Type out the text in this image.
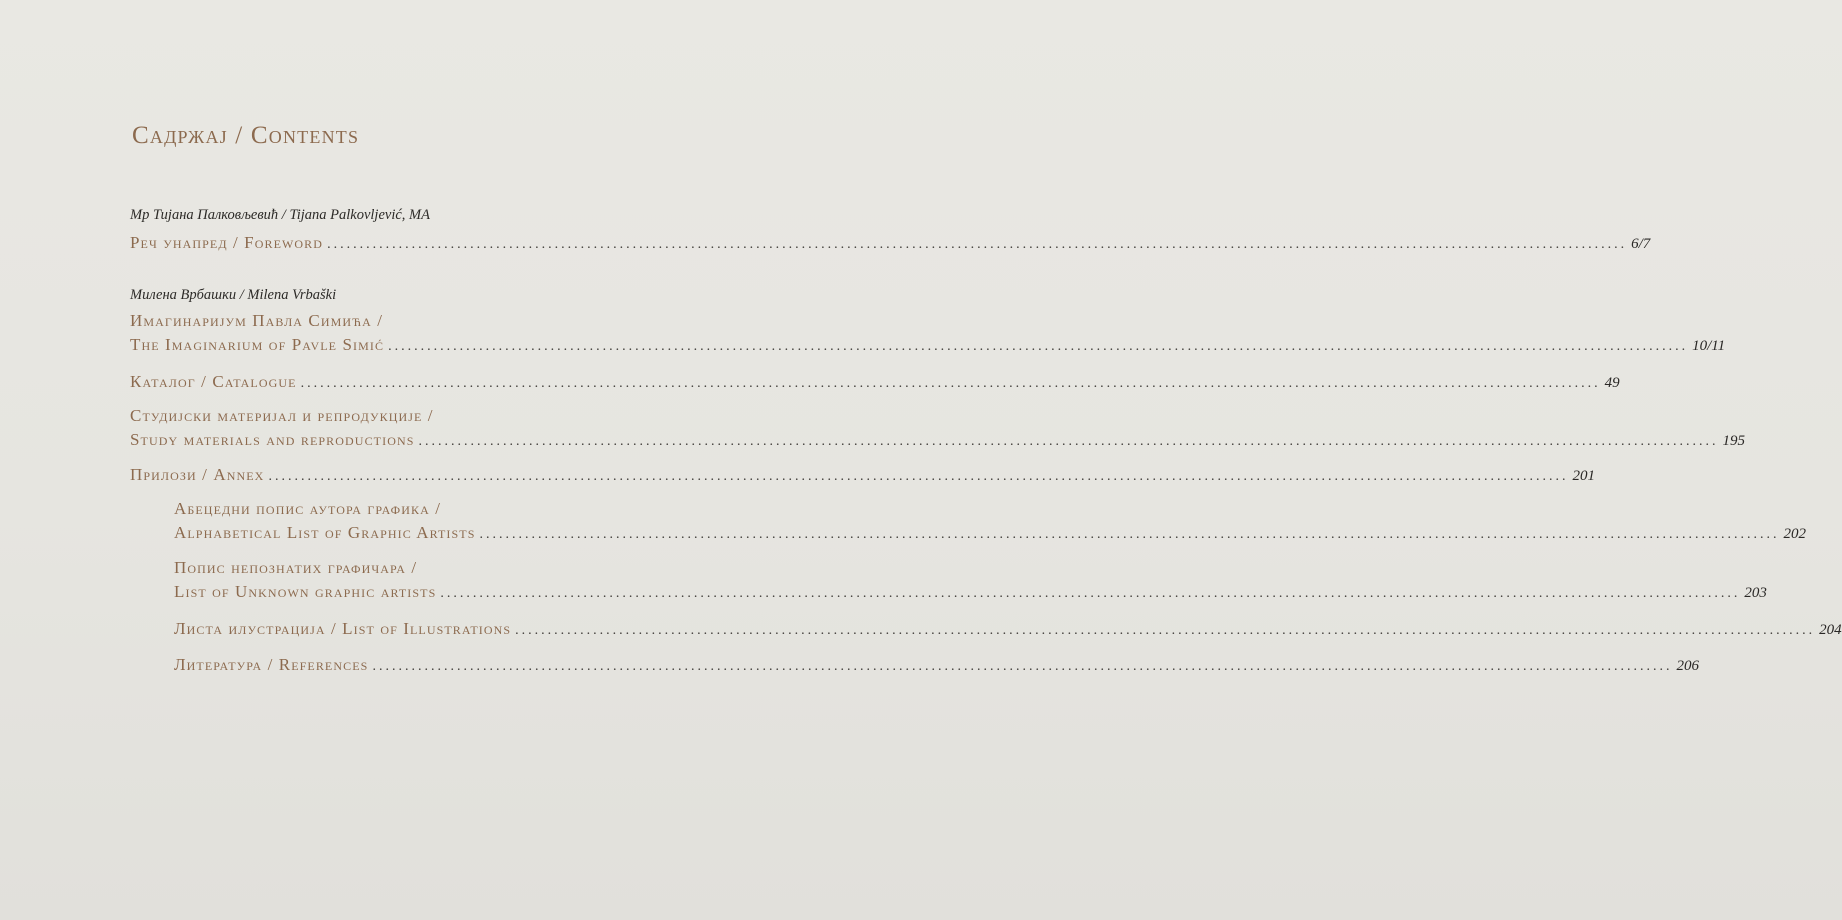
Садржај / Contents
Мр Тијана Палковљевић / Tijana Palkovljević, MA
Реч унапред / Foreword ........................................................................................................................................................................................................ 6/7
Милена Врбашки / Milena Vrbaški
Имагинаријум Павла Симића /
The Imaginarium of Pavle Simić ........................................................................................................................................................................................................ 10/11
Каталог / Catalogue ........................................................................................................................................................................................................ 49
Студијски материјал и репродукције /
Study materials and reproductions ........................................................................................................................................................................................................ 195
Прилози / Annex ........................................................................................................................................................................................................ 201
Абецедни попис аутора графика /
Alphabetical List of Graphic Artists ........................................................................................................................................................................................................ 202
Попис непознатих графичара /
List of Unknown graphic artists ........................................................................................................................................................................................................ 203
Листа илустрација / List of Illustrations ........................................................................................................................................................................................................ 204
Литература / References ........................................................................................................................................................................................................ 206
